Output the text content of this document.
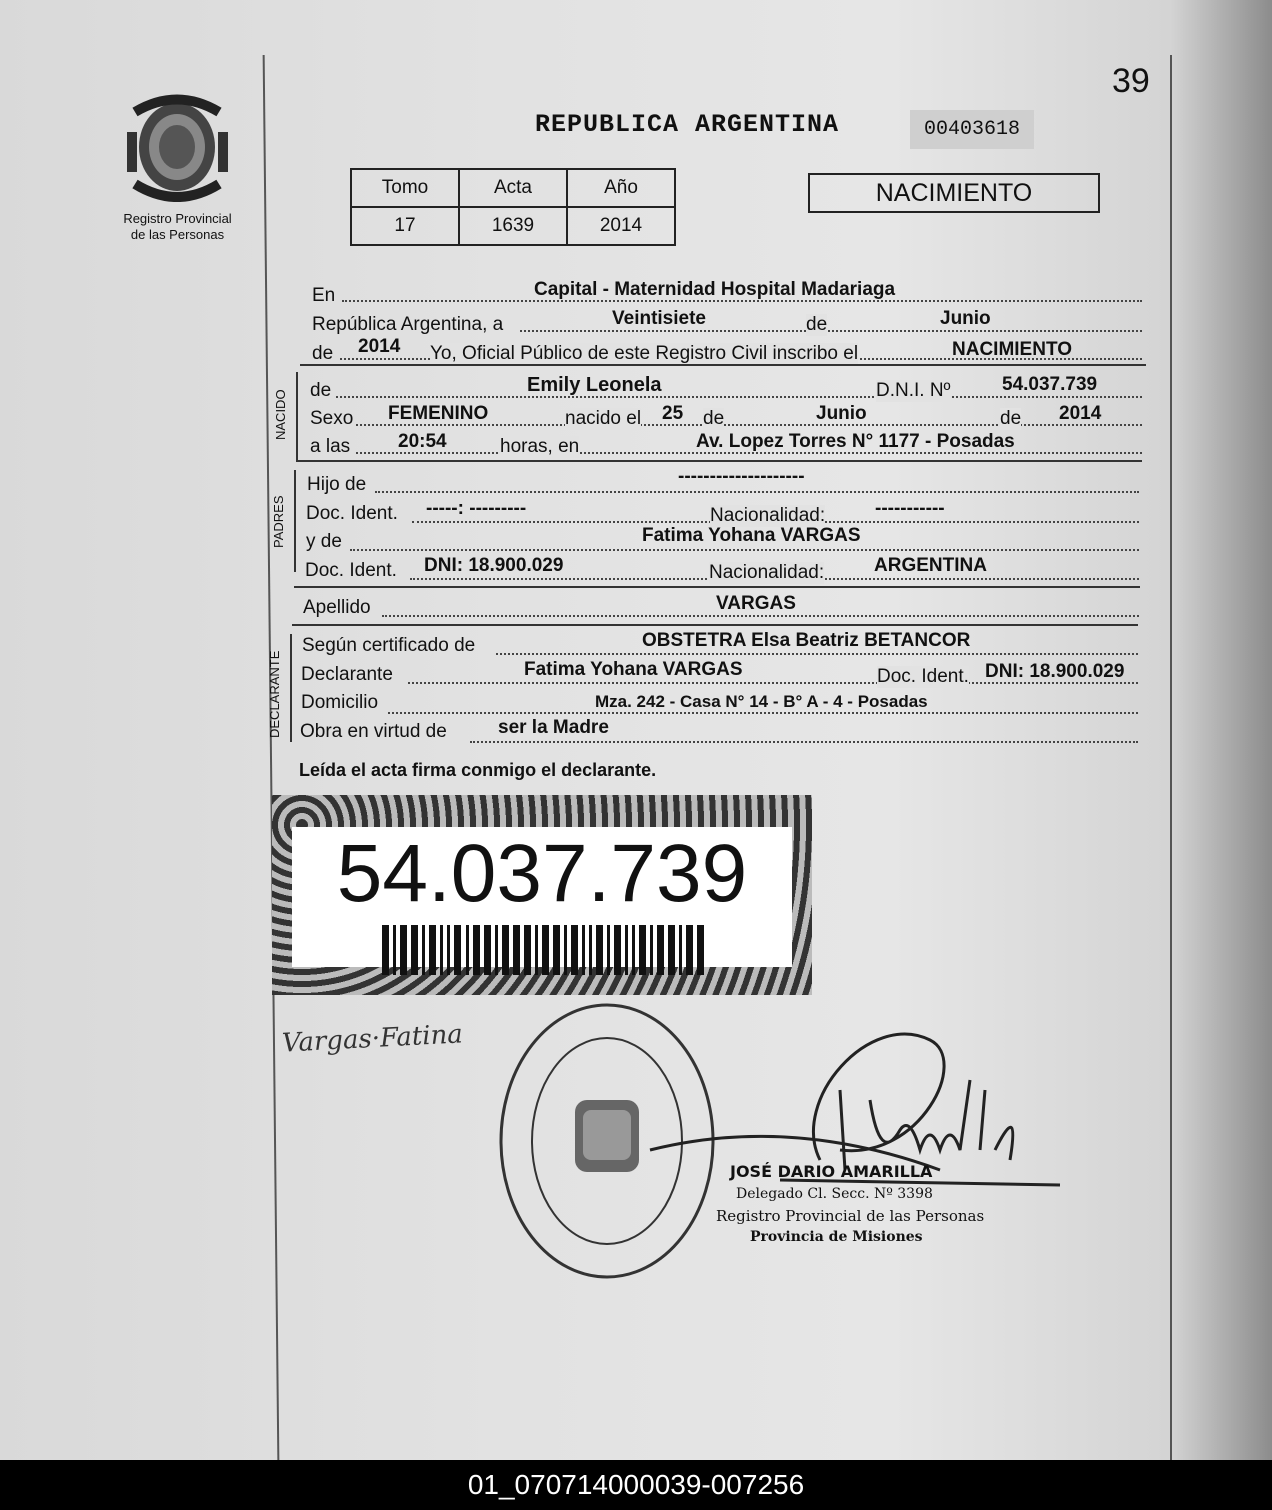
39
Registro Provincial
de las Personas
REPUBLICA ARGENTINA	00403618
Tomo	Acta	Año
17	1639	2014
NACIMIENTO
En	Capital - Maternidad Hospital Madariaga
República Argentina, a	Veintisiete	de	Junio
de 2014 Yo, Oficial Público de este Registro Civil inscribo el	NACIMIENTO
NACIDO de	Emily Leonela	D.N.I. Nº	54.037.739
Sexo FEMENINO	nacido el 25 de	Junio	de 2014
a las	20:54	horas, en	Av. Lopez Torres N° 1177 - Posadas
PADRES
Hijo de	--------------------
Doc. Ident. -----: ---------	Nacionalidad:	-----------
y de	Fatima Yohana VARGAS
Doc. Ident. DNI: 18.900.029	Nacionalidad:	ARGENTINA
Apellido	VARGAS
DECLARANTE
Según certificado de	OBSTETRA Elsa Beatriz BETANCOR
Declarante	Fatima Yohana VARGAS	Doc. Ident. DNI: 18.900.029
Domicilio	Mza. 242 - Casa N° 14 - B° A - 4 - Posadas
Obra en virtud de	ser la Madre
Leída el acta firma conmigo el declarante.
54.037.739
Vargas·Fatina
JOSÉ DARIO AMARILLA
Delegado Cl. Secc. Nº 3398
Registro Provincial de las Personas
Provincia de Misiones
01_070714000039-007256
